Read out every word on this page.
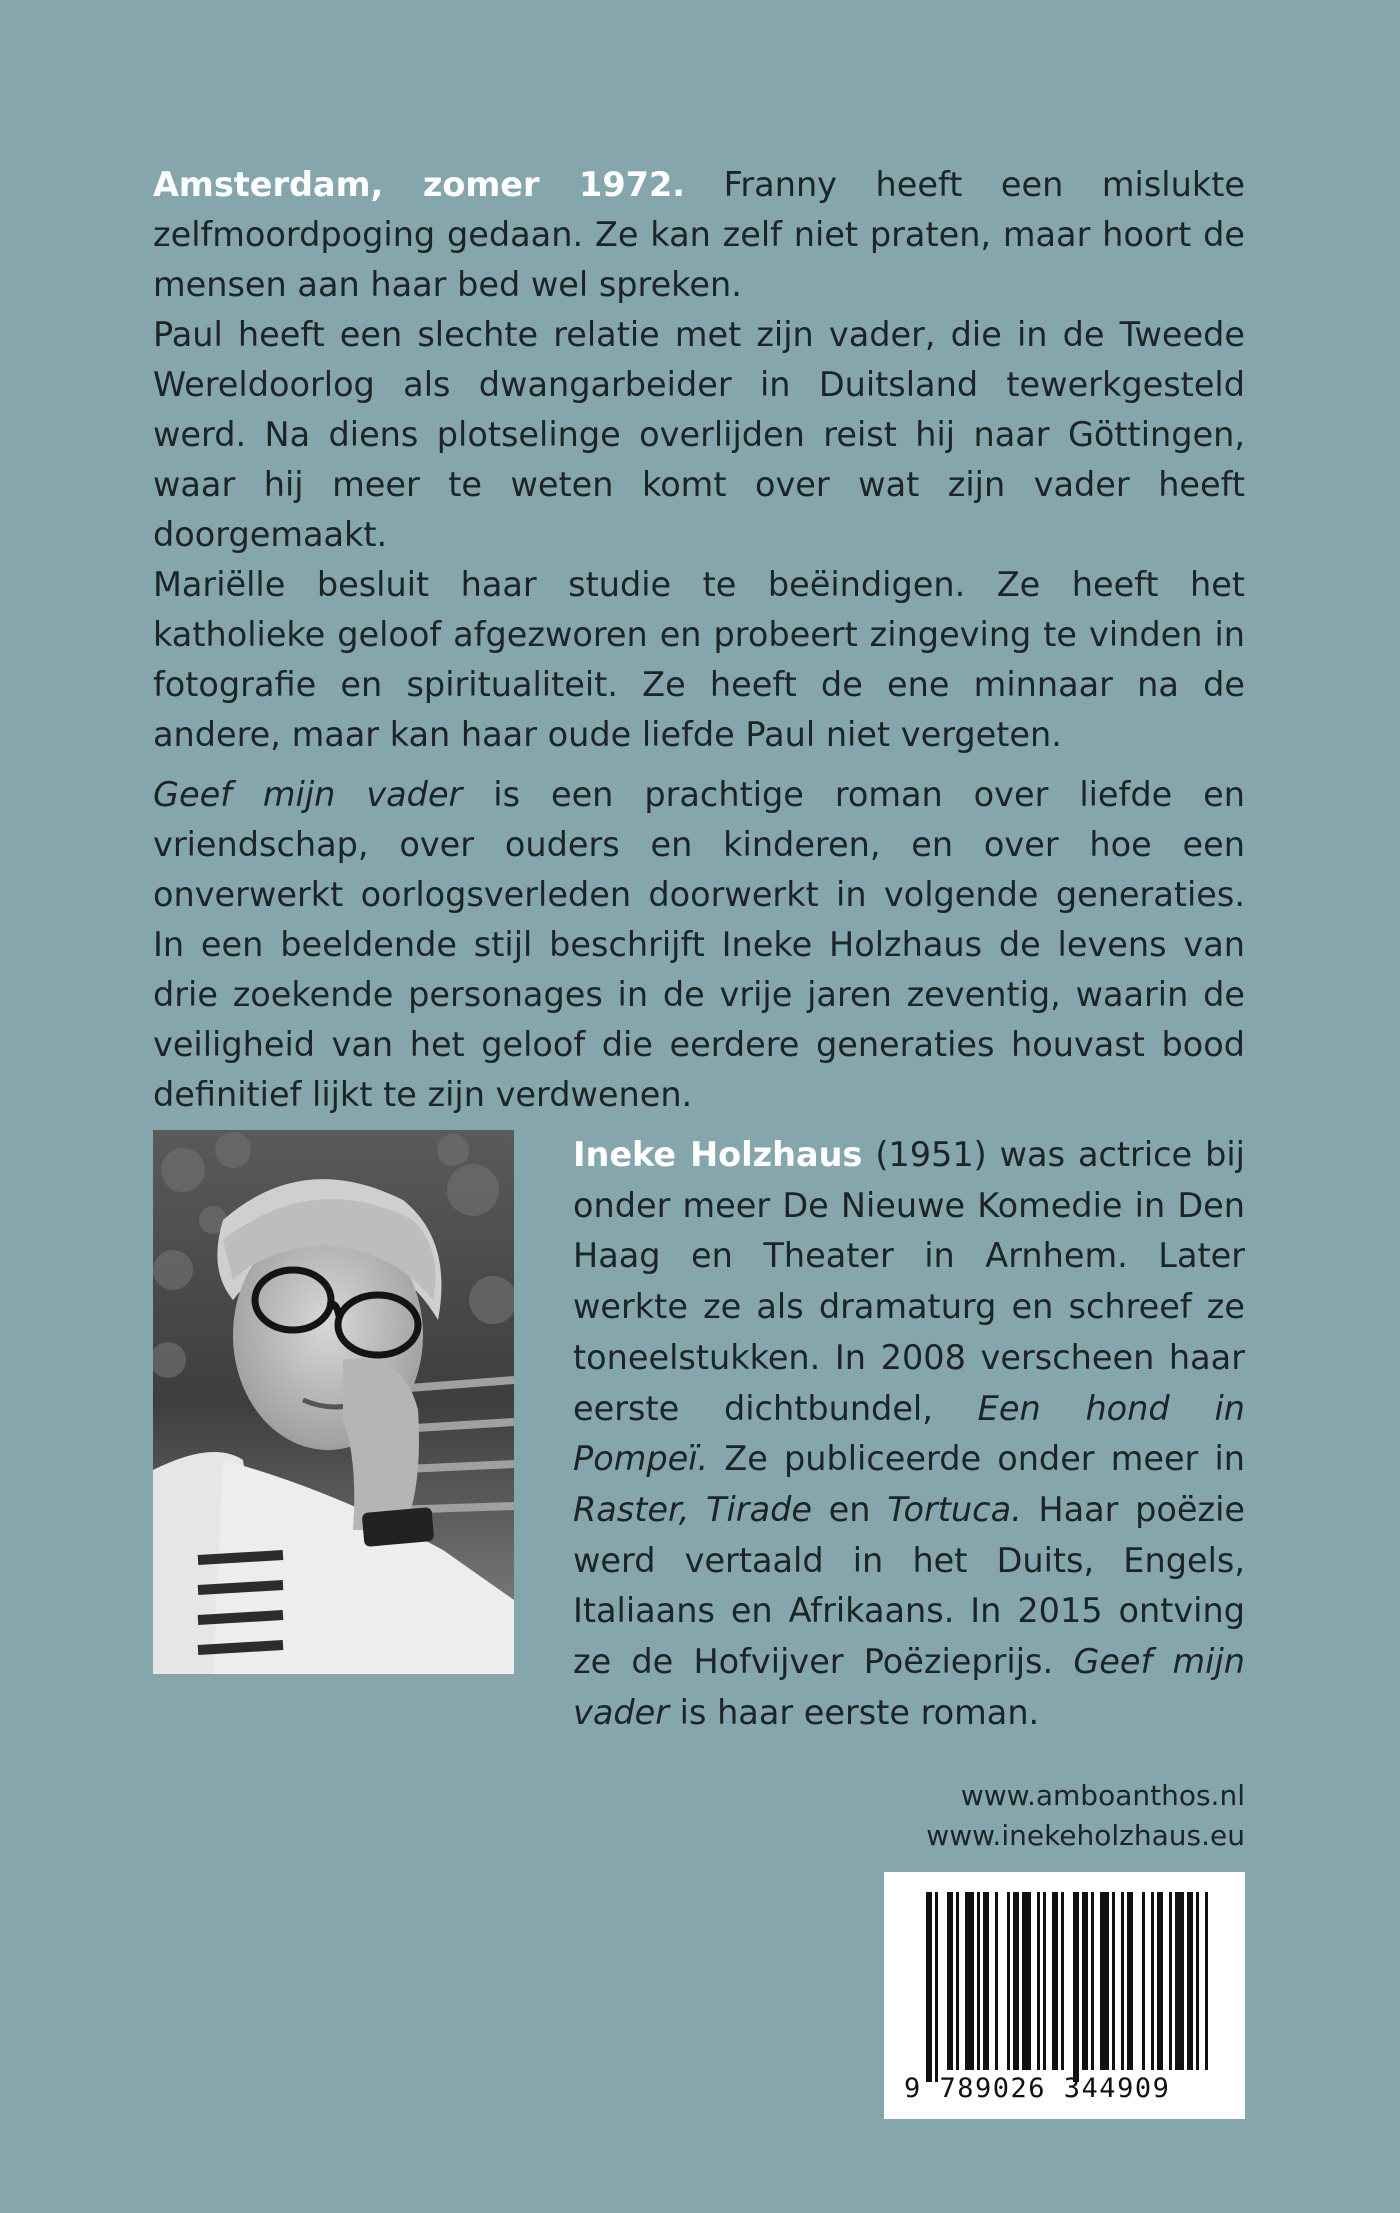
Amsterdam, zomer 1972. Franny heeft een mislukte zelfmoordpoging gedaan. Ze kan zelf niet praten, maar hoort de mensen aan haar bed wel spreken.

Paul heeft een slechte relatie met zijn vader, die in de Tweede Wereldoorlog als dwangarbeider in Duitsland tewerkgesteld werd. Na diens plotselinge overlijden reist hij naar Göttingen, waar hij meer te weten komt over wat zijn vader heeft doorgemaakt.

Mariëlle besluit haar studie te beëindigen. Ze heeft het katholieke geloof afgezworen en probeert zingeving te vinden in fotografie en spiritualiteit. Ze heeft de ene minnaar na de andere, maar kan haar oude liefde Paul niet vergeten.

Geef mijn vader is een prachtige roman over liefde en vriendschap, over ouders en kinderen, en over hoe een onverwerkt oorlogsverleden doorwerkt in volgende generaties. In een beeldende stijl beschrijft Ineke Holzhaus de levens van drie zoekende personages in de vrije jaren zeventig, waarin de veiligheid van het geloof die eerdere generaties houvast bood definitief lijkt te zijn verdwenen.

Ineke Holzhaus (1951) was actrice bij onder meer De Nieuwe Komedie in Den Haag en Theater in Arnhem. Later werkte ze als dramaturg en schreef ze toneelstukken. In 2008 verscheen haar eerste dichtbundel, Een hond in Pompeï. Ze publiceerde onder meer in Raster, Tirade en Tortuca. Haar poëzie werd vertaald in het Duits, Engels, Italiaans en Afrikaans. In 2015 ontving ze de Hofvijver Poëzieprijs. Geef mijn vader is haar eerste roman.
www.amboanthos.nl
www.inekeholzhaus.eu
9 789026 344909
